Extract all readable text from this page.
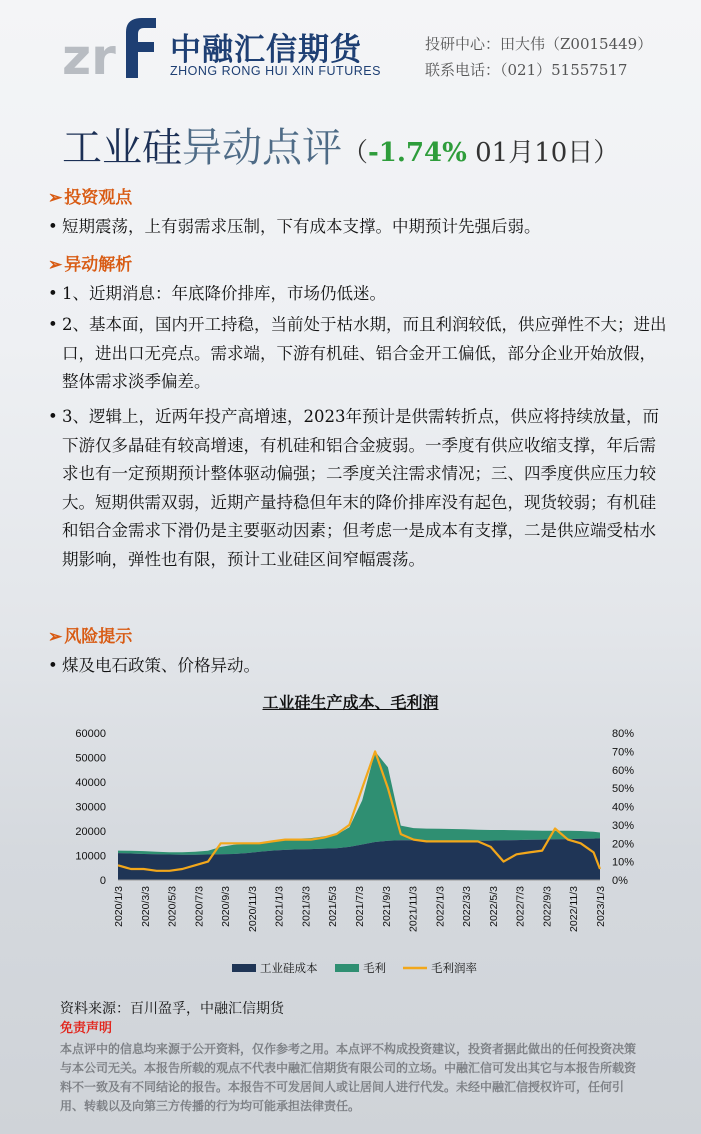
zr 中融汇信期货
ZHONG RONG HUI XIN FUTURES
投研中心：田大伟（Z0015449）
联系电话：（021）51557517
工业硅异动点评（-1.74% 01月10日）
➢ 投资观点
• 短期震荡，上有弱需求压制，下有成本支撑。中期预计先强后弱。
➢ 异动解析
• 1、近期消息：年底降价排库，市场仍低迷。
• 2、基本面，国内开工持稳，当前处于枯水期，而且利润较低，供应弹性不大；进出口，进出口无亮点。需求端，下游有机硅、铝合金开工偏低，部分企业开始放假，整体需求淡季偏差。
• 3、逻辑上，近两年投产高增速，2023年预计是供需转折点，供应将持续放量，而下游仅多晶硅有较高增速，有机硅和铝合金疲弱。一季度有供应收缩支撑，年后需求也有一定预期预计整体驱动偏强；二季度关注需求情况；三、四季度供应压力较大。短期供需双弱，近期产量持稳但年末的降价排库没有起色，现货较弱；有机硅和铝合金需求下滑仍是主要驱动因素；但考虑一是成本有支撑，二是供应端受枯水期影响，弹性也有限，预计工业硅区间窄幅震荡。
➢ 风险提示
• 煤及电石政策、价格异动。
工业硅生产成本、毛利润
0
10000
20000
30000
40000
50000
60000
0%
10%
20%
30%
40%
50%
60%
70%
80%
2020/1/3 2020/3/3 2020/5/3 2020/7/3 2020/9/3 2020/11/3 2021/1/3 2021/3/3 2021/5/3 2021/7/3 2021/9/3 2021/11/3 2022/1/3 2022/3/3 2022/5/3 2022/7/3 2022/9/3 2022/11/3 2023/1/3
工业硅成本	毛利	毛利润率
资料来源：百川盈孚，中融汇信期货
免责声明
本点评中的信息均来源于公开资料，仅作参考之用。本点评不构成投资建议，投资者据此做出的任何投资决策与本公司无关。本报告所载的观点不代表中融汇信期货有限公司的立场。中融汇信可发出其它与本报告所载资料不一致及有不同结论的报告。本报告不可发居间人或让居间人进行代发。未经中融汇信授权许可，任何引用、转载以及向第三方传播的行为均可能承担法律责任。
